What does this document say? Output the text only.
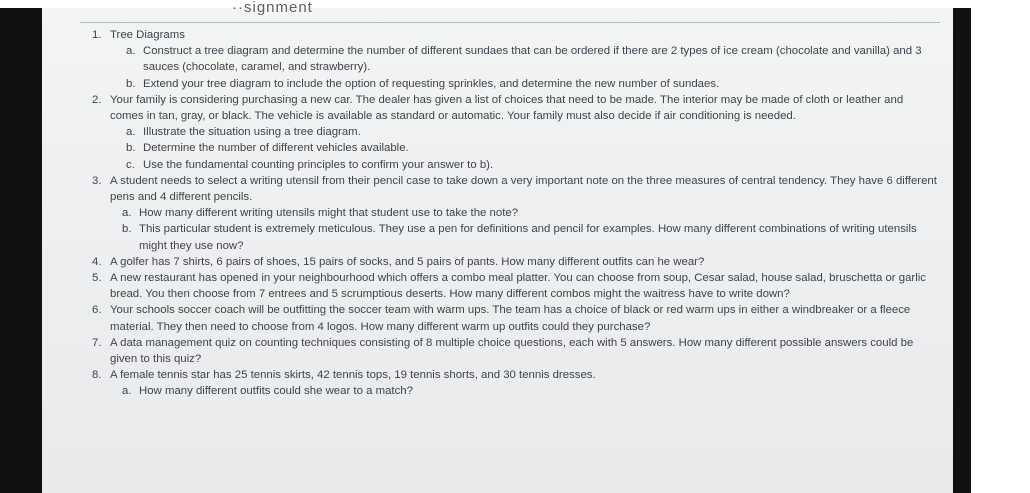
··signment
1. Tree Diagrams
a. Construct a tree diagram and determine the number of different sundaes that can be ordered if there are 2 types of ice cream (chocolate and vanilla) and 3 sauces (chocolate, caramel, and strawberry).
b. Extend your tree diagram to include the option of requesting sprinkles, and determine the new number of sundaes.
2. Your family is considering purchasing a new car. The dealer has given a list of choices that need to be made. The interior may be made of cloth or leather and comes in tan, gray, or black. The vehicle is available as standard or automatic. Your family must also decide if air conditioning is needed.
a. Illustrate the situation using a tree diagram.
b. Determine the number of different vehicles available.
c. Use the fundamental counting principles to confirm your answer to b).
3. A student needs to select a writing utensil from their pencil case to take down a very important note on the three measures of central tendency. They have 6 different pens and 4 different pencils.
a. How many different writing utensils might that student use to take the note?
b. This particular student is extremely meticulous. They use a pen for definitions and pencil for examples. How many different combinations of writing utensils might they use now?
4. A golfer has 7 shirts, 6 pairs of shoes, 15 pairs of socks, and 5 pairs of pants. How many different outfits can he wear?
5. A new restaurant has opened in your neighbourhood which offers a combo meal platter. You can choose from soup, Cesar salad, house salad, bruschetta or garlic bread. You then choose from 7 entrees and 5 scrumptious deserts. How many different combos might the waitress have to write down?
6. Your schools soccer coach will be outfitting the soccer team with warm ups. The team has a choice of black or red warm ups in either a windbreaker or a fleece material. They then need to choose from 4 logos. How many different warm up outfits could they purchase?
7. A data management quiz on counting techniques consisting of 8 multiple choice questions, each with 5 answers. How many different possible answers could be given to this quiz?
8. A female tennis star has 25 tennis skirts, 42 tennis tops, 19 tennis shorts, and 30 tennis dresses.
a. How many different outfits could she wear to a match?
